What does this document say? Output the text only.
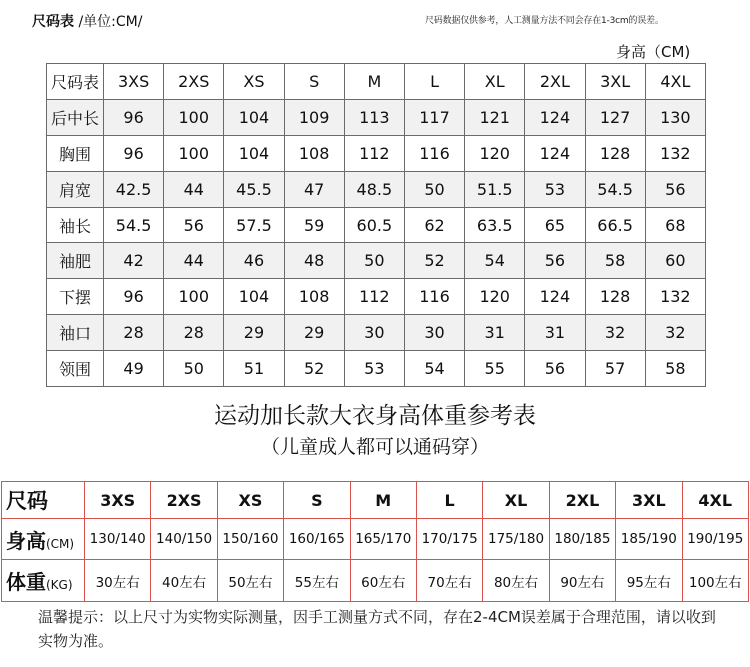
尺码表 /单位:CM/	尺码数据仅供参考，人工测量方法不同会存在1-3cm的误差。
身高（CM)
尺码表	3XS	2XS	XS	S	M	L	XL	2XL	3XL	4XL
后中长	96	100	104	109	113	117	121	124	127	130
胸围	96	100	104	108	112	116	120	124	128	132
肩宽	42.5	44	45.5	47	48.5	50	51.5	53	54.5	56
袖长	54.5	56	57.5	59	60.5	62	63.5	65	66.5	68
袖肥	42	44	46	48	50	52	54	56	58	60
下摆	96	100	104	108	112	116	120	124	128	132
袖口	28	28	29	29	30	30	31	31	32	32
领围	49	50	51	52	53	54	55	56	57	58
运动加长款大衣身高体重参考表
（儿童成人都可以通码穿）
尺码	3XS	2XS	XS	S	M	L	XL	2XL	3XL	4XL
身高(CM)	130/140	140/150	150/160	160/165	165/170	170/175	175/180	180/185	185/190	190/195
体重(KG)	30左右	40左右	50左右	55左右	60左右	70左右	80左右	90左右	95左右	100左右
温馨提示：以上尺寸为实物实际测量，因手工测量方式不同，存在2-4CM误差属于合理范围，请以收到实物为准。
